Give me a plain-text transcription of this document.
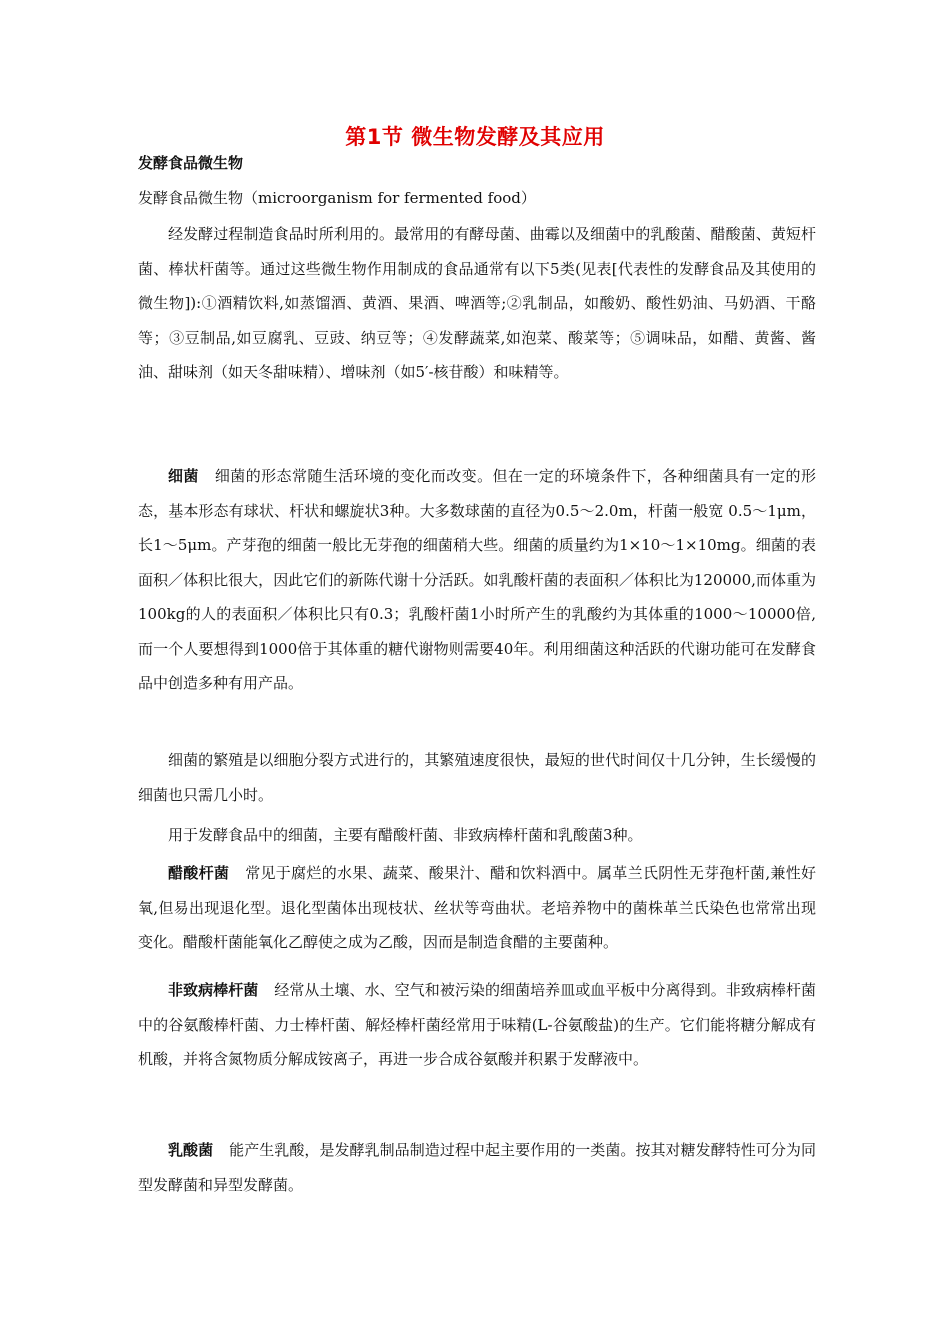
第1节 微生物发酵及其应用
发酵食品微生物
发酵食品微生物（microorganism for fermented food）

经发酵过程制造食品时所利用的。最常用的有酵母菌、曲霉以及细菌中的乳酸菌、醋酸菌、黄短杆菌、棒状杆菌等。通过这些微生物作用制成的食品通常有以下5类(见表[代表性的发酵食品及其使用的微生物]):①酒精饮料,如蒸馏酒、黄酒、果酒、啤酒等;②乳制品，如酸奶、酸性奶油、马奶酒、干酪等；③豆制品,如豆腐乳、豆豉、纳豆等；④发酵蔬菜,如泡菜、酸菜等；⑤调味品，如醋、黄酱、酱油、甜味剂（如天冬甜味精）、增味剂（如5′-核苷酸）和味精等。

细菌 细菌的形态常随生活环境的变化而改变。但在一定的环境条件下，各种细菌具有一定的形态，基本形态有球状、杆状和螺旋状3种。大多数球菌的直径为0.5～2.0m，杆菌一般宽 0.5～1μm，长1～5μm。产芽孢的细菌一般比无芽孢的细菌稍大些。细菌的质量约为1×10～1×10mg。细菌的表面积／体积比很大，因此它们的新陈代谢十分活跃。如乳酸杆菌的表面积／体积比为120000,而体重为100kg的人的表面积／体积比只有0.3；乳酸杆菌1小时所产生的乳酸约为其体重的1000～10000倍,而一个人要想得到1000倍于其体重的糖代谢物则需要40年。利用细菌这种活跃的代谢功能可在发酵食品中创造多种有用产品。

细菌的繁殖是以细胞分裂方式进行的，其繁殖速度很快，最短的世代时间仅十几分钟，生长缓慢的细菌也只需几小时。

用于发酵食品中的细菌，主要有醋酸杆菌、非致病棒杆菌和乳酸菌3种。

醋酸杆菌 常见于腐烂的水果、蔬菜、酸果汁、醋和饮料酒中。属革兰氏阴性无芽孢杆菌,兼性好氧,但易出现退化型。退化型菌体出现枝状、丝状等弯曲状。老培养物中的菌株革兰氏染色也常常出现变化。醋酸杆菌能氧化乙醇使之成为乙酸，因而是制造食醋的主要菌种。

非致病棒杆菌 经常从土壤、水、空气和被污染的细菌培养皿或血平板中分离得到。非致病棒杆菌中的谷氨酸棒杆菌、力士棒杆菌、解烃棒杆菌经常用于味精(L-谷氨酸盐)的生产。它们能将糖分解成有机酸，并将含氮物质分解成铵离子，再进一步合成谷氨酸并积累于发酵液中。

乳酸菌 能产生乳酸，是发酵乳制品制造过程中起主要作用的一类菌。按其对糖发酵特性可分为同型发酵菌和异型发酵菌。
